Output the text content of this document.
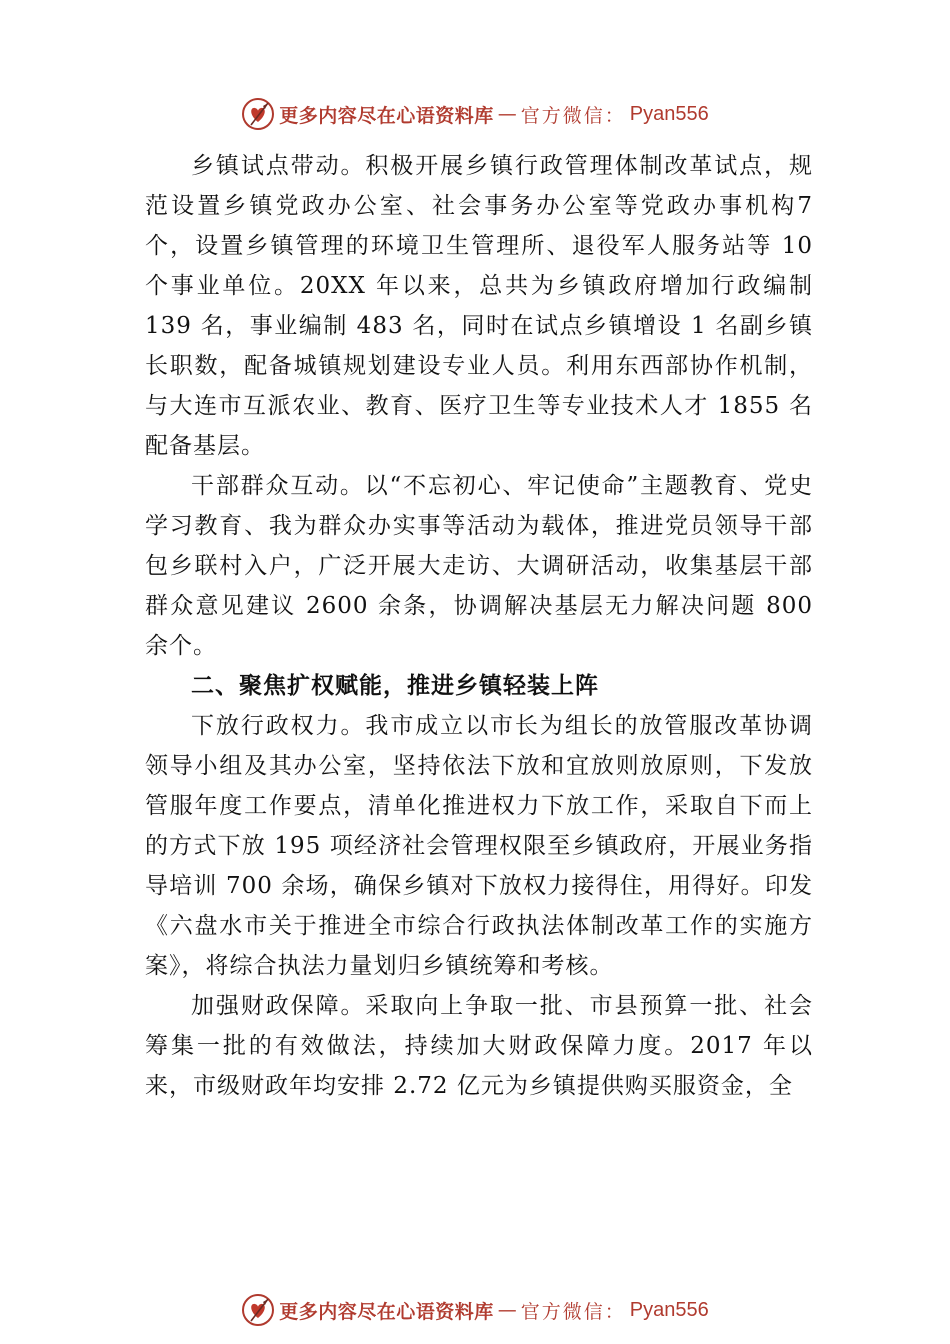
更多内容尽在心语资料库 — 官方微信： Pyan556

乡镇试点带动。积极开展乡镇行政管理体制改革试点，规范设置乡镇党政办公室、社会事务办公室等党政办事机构7 个，设置乡镇管理的环境卫生管理所、退役军人服务站等 10 个事业单位。20XX 年以来，总共为乡镇政府增加行政编制 139 名，事业编制 483 名，同时在试点乡镇增设 1 名副乡镇长职数，配备城镇规划建设专业人员。利用东西部协作机制，与大连市互派农业、教育、医疗卫生等专业技术人才 1855 名配备基层。

干部群众互动。以“不忘初心、牢记使命”主题教育、党史学习教育、我为群众办实事等活动为载体，推进党员领导干部包乡联村入户，广泛开展大走访、大调研活动，收集基层干部群众意见建议 2600 余条，协调解决基层无力解决问题 800 余个。

二、聚焦扩权赋能，推进乡镇轻装上阵

下放行政权力。我市成立以市长为组长的放管服改革协调领导小组及其办公室，坚持依法下放和宜放则放原则，下发放管服年度工作要点，清单化推进权力下放工作，采取自下而上的方式下放 195 项经济社会管理权限至乡镇政府，开展业务指导培训 700 余场，确保乡镇对下放权力接得住，用得好。印发《六盘水市关于推进全市综合行政执法体制改革工作的实施方案》，将综合执法力量划归乡镇统筹和考核。

加强财政保障。采取向上争取一批、市县预算一批、社会筹集一批的有效做法，持续加大财政保障力度。2017 年以来，市级财政年均安排 2.72 亿元为乡镇提供购买服资金，全

更多内容尽在心语资料库 — 官方微信： Pyan556
